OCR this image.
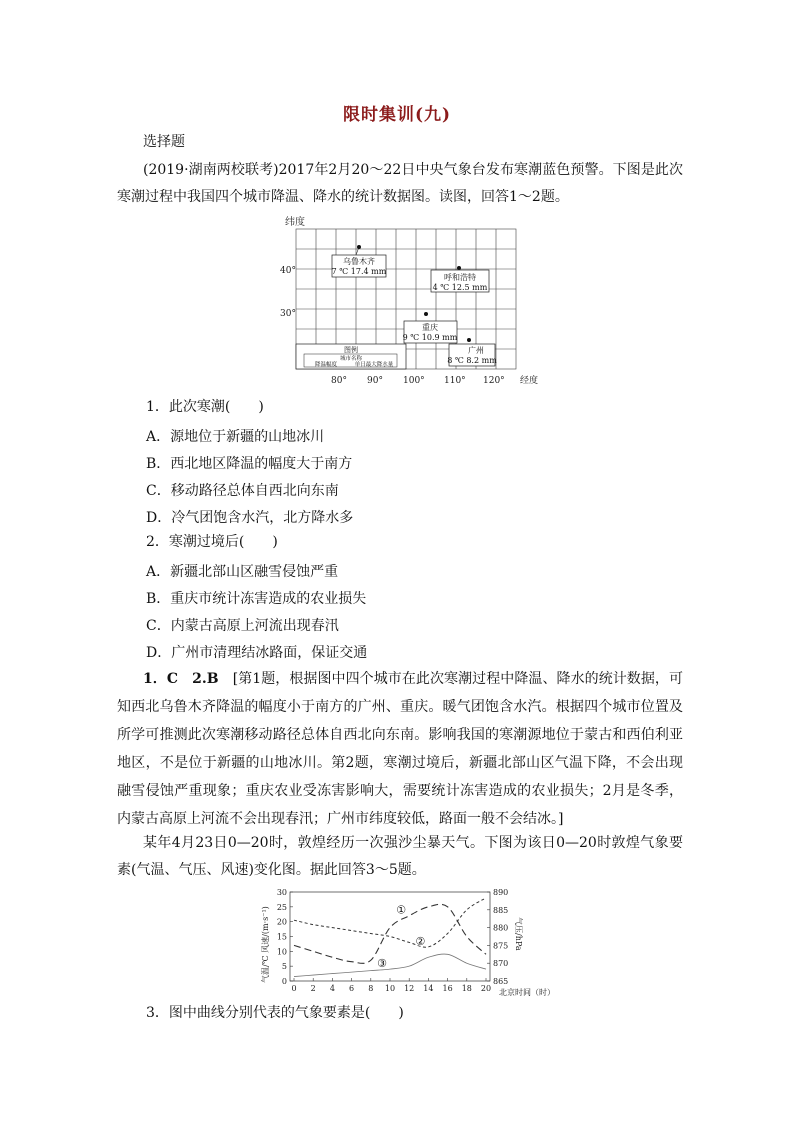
限时集训(九)
选择题
(2019·湖南两校联考)2017年2月20～22日中央气象台发布寒潮蓝色预警。下图是此次寒潮过程中我国四个城市降温、降水的统计数据图。读图，回答1～2题。
纬度
40°
30°
80° 90° 100° 110° 120° 经度
乌鲁木齐
7 ℃ 17.4 mm
呼和浩特
4 ℃ 12.5 mm
重庆
9 ℃ 10.9 mm
广州
8 ℃ 8.2 mm
图例
城市名称
降温幅度	单日最大降水量
1．此次寒潮(　　)
A．源地位于新疆的山地冰川
B．西北地区降温的幅度大于南方
C．移动路径总体自西北向东南
D．冷气团饱含水汽，北方降水多
2．寒潮过境后(　　)
A．新疆北部山区融雪侵蚀严重
B．重庆市统计冻害造成的农业损失
C．内蒙古高原上河流出现春汛
D．广州市清理结冰路面，保证交通
1．C　2.B　 [第1题，根据图中四个城市在此次寒潮过程中降温、降水的统计数据，可知西北乌鲁木齐降温的幅度小于南方的广州、重庆。暖气团饱含水汽。根据四个城市位置及所学可推测此次寒潮移动路径总体自西北向东南。影响我国的寒潮源地位于蒙古和西伯利亚地区，不是位于新疆的山地冰川。第2题，寒潮过境后，新疆北部山区气温下降，不会出现融雪侵蚀严重现象；重庆农业受冻害影响大，需要统计冻害造成的农业损失；2月是冬季，内蒙古高原上河流不会出现春汛；广州市纬度较低，路面一般不会结冰。]
某年4月23日0—20时，敦煌经历一次强沙尘暴天气。下图为该日0—20时敦煌气象要素(气温、气压、风速)变化图。据此回答3～5题。
0 2 4 6 8 10 12 14 16 18 20
0
5
10
15
20
25
30
865
870
875
880
885
890
①
②
③
气温/℃ 风速/(m·s⁻¹)	气压/hPa
北京时间（时）
3．图中曲线分别代表的气象要素是(　　)
